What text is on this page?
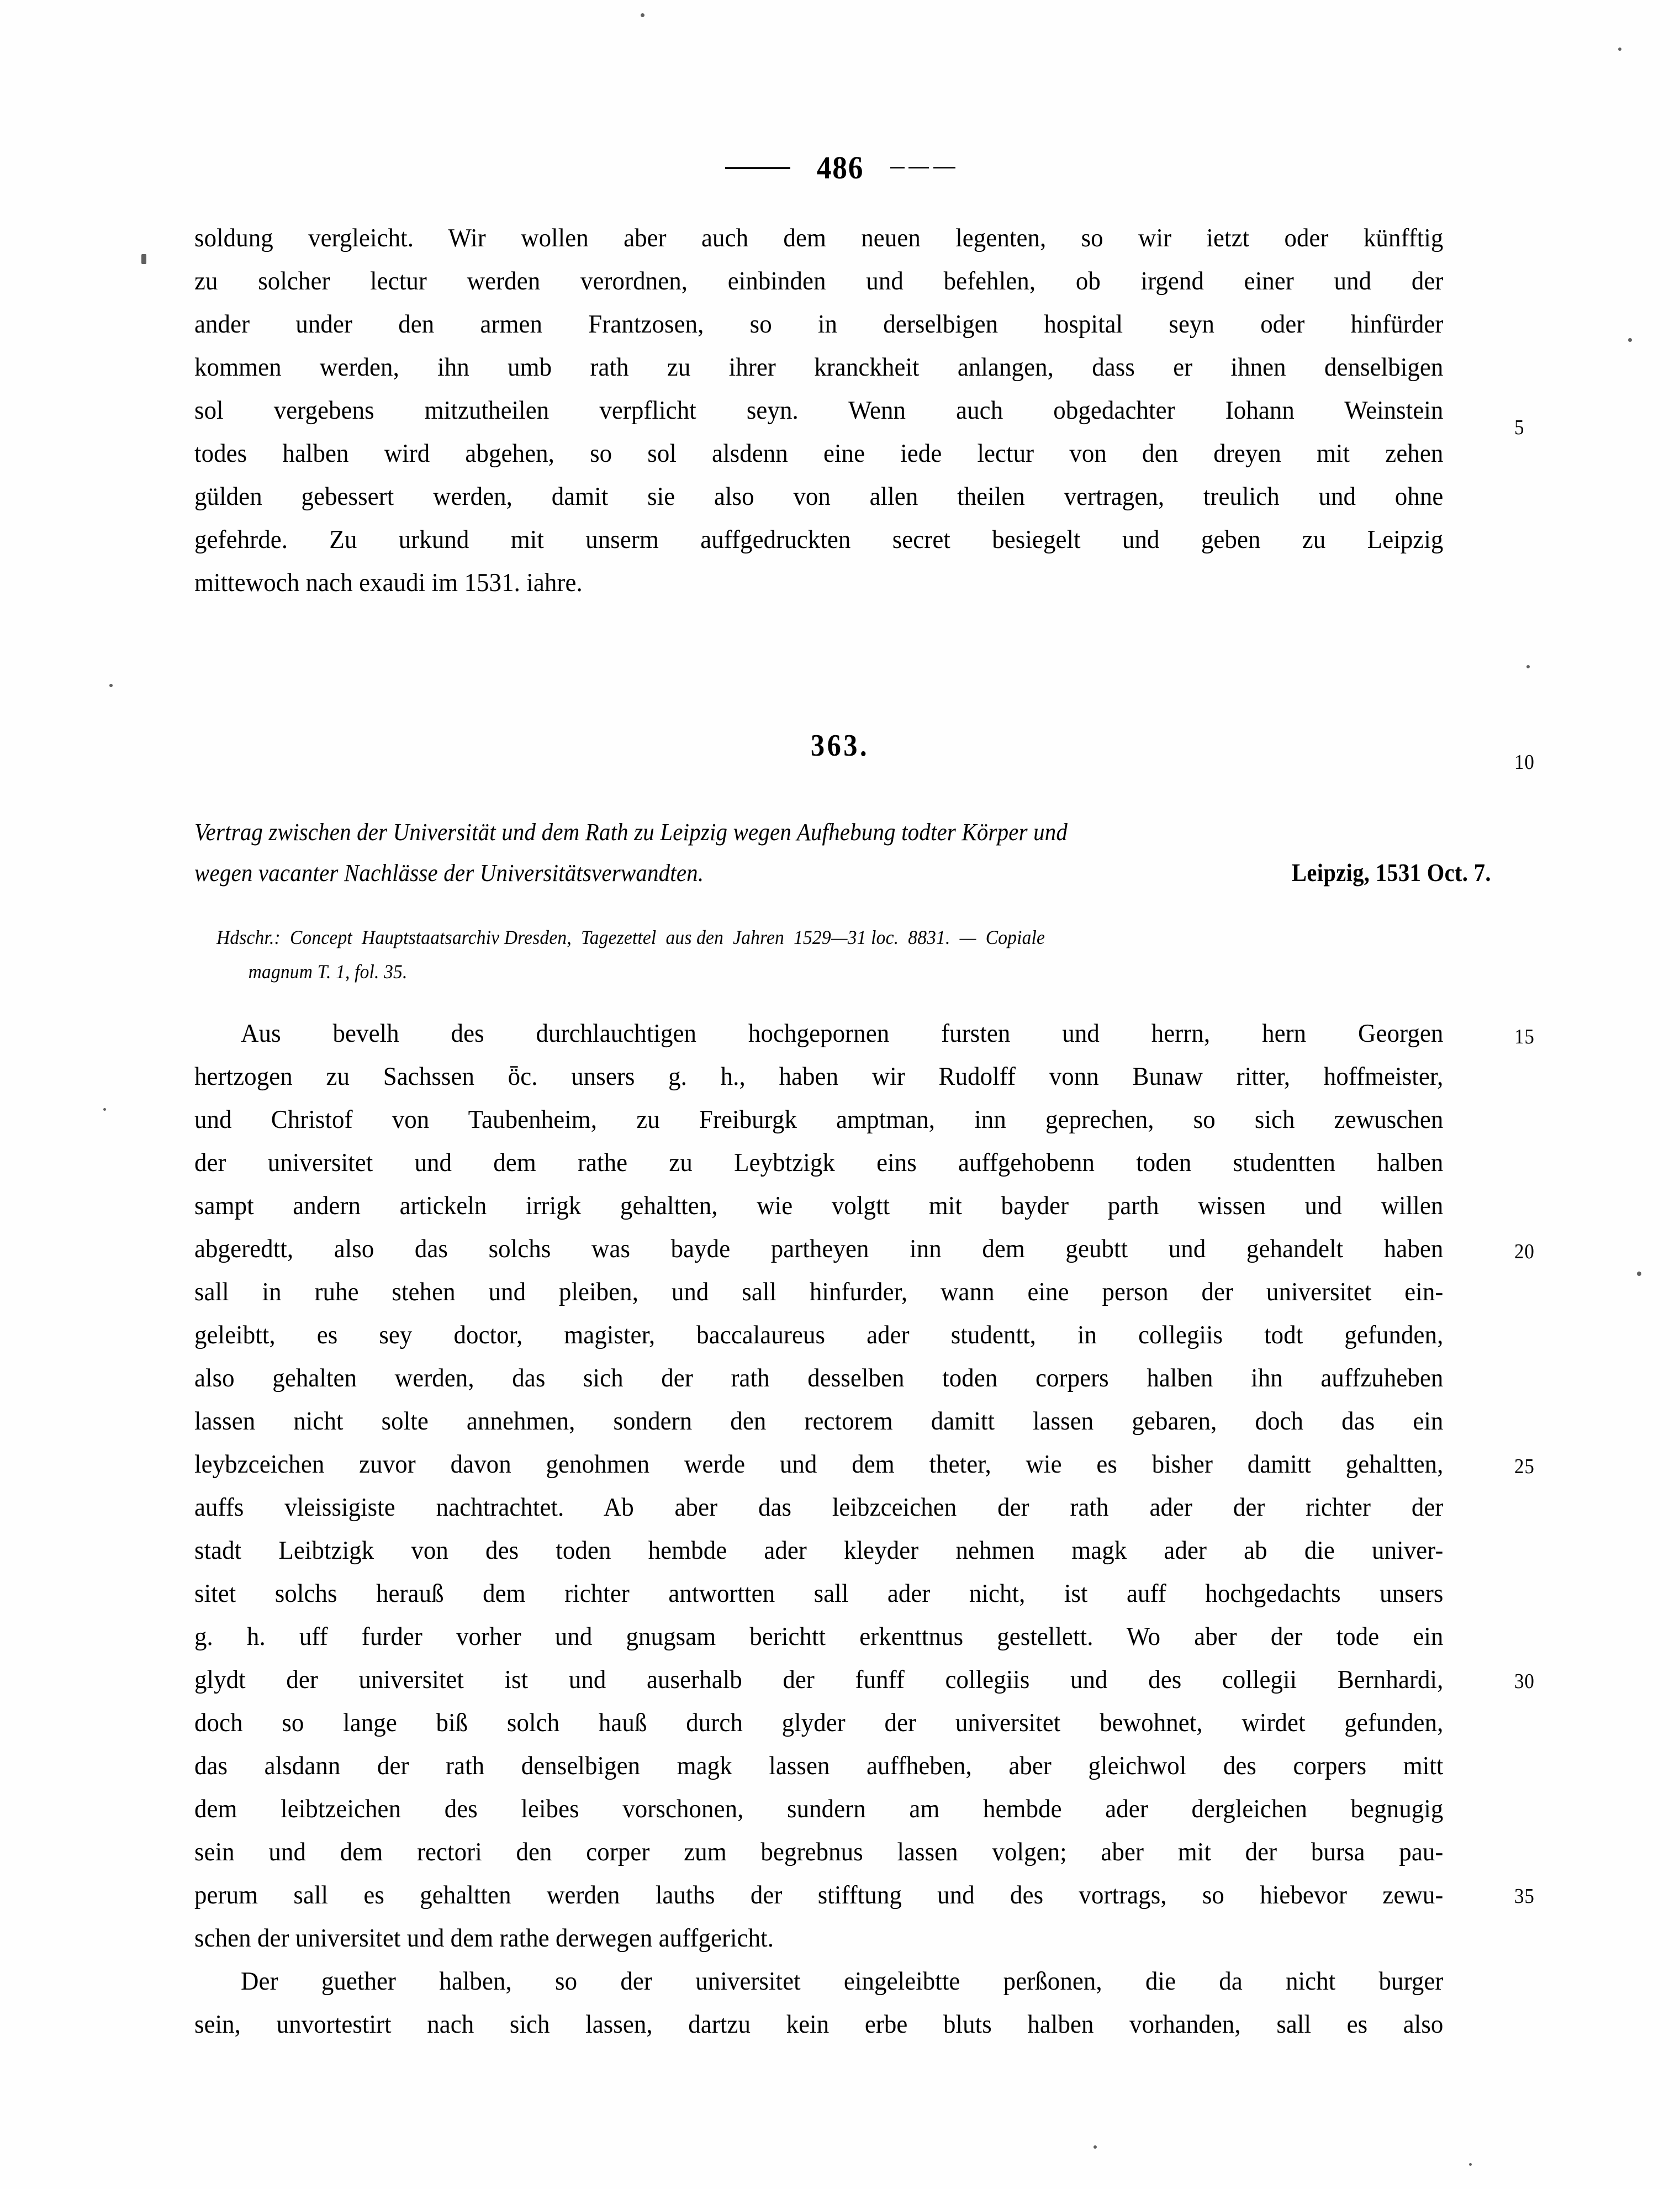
486
soldung vergleicht. Wir wollen aber auch dem neuen legenten, so wir ietzt oder künfftig
zu solcher lectur werden verordnen, einbinden und befehlen, ob irgend einer und der
ander under den armen Frantzosen, so in derselbigen hospital seyn oder hinfürder
kommen werden, ihn umb rath zu ihrer kranckheit anlangen, dass er ihnen denselbigen
sol vergebens mitzutheilen verpflicht seyn. Wenn auch obgedachter Iohann Weinstein
todes halben wird abgehen, so sol alsdenn eine iede lectur von den dreyen mit zehen
gülden gebessert werden, damit sie also von allen theilen vertragen, treulich und ohne
gefehrde. Zu urkund mit unserm auffgedruckten secret besiegelt und geben zu Leipzig
mittewoch nach exaudi im 1531. iahre.
363.
Vertrag zwischen der Universität und dem Rath zu Leipzig wegen Aufhebung todter Körper und
wegen vacanter Nachlässe der Universitätsverwandten.	Leipzig, 1531 Oct. 7.
Hdschr.:  Concept  Hauptstaatsarchiv Dresden,  Tagezettel  aus den  Jahren  1529—31 loc.  8831.  —  Copiale
magnum T. 1, fol. 35.
Aus bevelh des durchlauchtigen hochgepornen fursten und herrn, hern Georgen
hertzogen zu Sachssen ȫc. unsers g. h., haben wir Rudolff vonn Bunaw ritter, hoffmeister,
und Christof von Taubenheim, zu Freiburgk amptman, inn geprechen, so sich zewuschen
der universitet und dem rathe zu Leybtzigk eins auffgehobenn toden studentten halben
sampt andern artickeln irrigk gehaltten, wie volgtt mit bayder parth wissen und willen
abgeredtt, also das solchs was bayde partheyen inn dem geubtt und gehandelt haben
sall in ruhe stehen und pleiben, und sall hinfurder, wann eine person der universitet ein-
geleibtt, es sey doctor, magister, baccalaureus ader studentt, in collegiis todt gefunden,
also gehalten werden, das sich der rath desselben toden corpers halben ihn auffzuheben
lassen nicht solte annehmen, sondern den rectorem damitt lassen gebaren, doch das ein
leybzceichen zuvor davon genohmen werde und dem theter, wie es bisher damitt gehaltten,
auffs vleissigiste nachtrachtet. Ab aber das leibzceichen der rath ader der richter der
stadt Leibtzigk von des toden hembde ader kleyder nehmen magk ader ab die univer-
sitet solchs herauß dem richter antwortten sall ader nicht, ist auff hochgedachts unsers
g. h. uff furder vorher und gnugsam berichtt erkenttnus gestellett. Wo aber der tode ein
glydt der universitet ist und auserhalb der funff collegiis und des collegii Bernhardi,
doch so lange biß solch hauß durch glyder der universitet bewohnet, wirdet gefunden,
das alsdann der rath denselbigen magk lassen auffheben, aber gleichwol des corpers mitt
dem leibtzeichen des leibes vorschonen, sundern am hembde ader dergleichen begnugig
sein und dem rectori den corper zum begrebnus lassen volgen; aber mit der bursa pau-
perum sall es gehaltten werden lauths der stifftung und des vortrags, so hiebevor zewu-
schen der universitet und dem rathe derwegen auffgericht.
Der guether halben, so der universitet eingeleibtte perßonen, die da nicht burger
sein, unvortestirt nach sich lassen, dartzu kein erbe bluts halben vorhanden, sall es also
5
10
15
20
25
30
35
